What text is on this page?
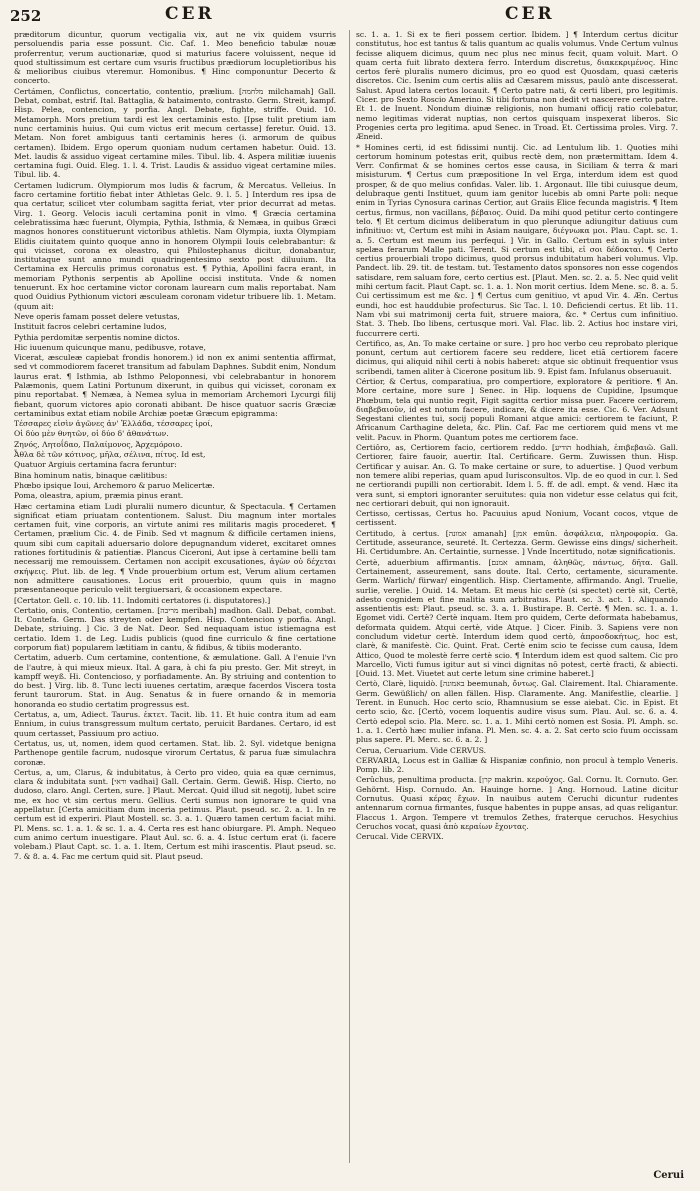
252	CER	CER

præditorum dicuntur, quorum vectigalia vix, aut ne vix quidem vsurris persoluendis paria esse possunt. Cic. Caf. 1. Meo beneficio tabulæ nouæ proferrentur, verum auctionariæ, quod si maturius facere voluissent, neque id quod stultissimum est certare cum vsuris fructibus prædiorum locupletioribus his & melioribus ciuibus vteremur. Homonibus. ¶ Hinc componuntur Decerto & concerto.

Certámen, Conflictus, concertatio, contentio, prælium. [מלחמה milchamah] Gall. Debat, combat, estrif. Ital. Battaglia, & bataimento, contrasto. Germ. Streit, kampf. Hisp. Pelea, contencion, y porfia. Angl. Debate, fighte, striffe. Ouid. 10. Metamorph. Mors pretium tardi est lex certaminis esto. [Ipse tulit pretium iam nunc certaminis huius. Qui cum victus erit mecum certasse] feretur. Ouid. 13. Metam. Non foret ambiguus tanti certaminis heres (i. armorum de quibus certamen). Ibidem. Ergo operum quoniam nudum certamen habetur. Ouid. 13. Met. laudis & assiduo vigeat certamine miles. Tibul. lib. 4. Aspera militiæ iuuenis certamina fugi. Ouid. Eleg. 1. l. 4. Trist. Laudis & assiduo vigeat certamine miles. Tibul. lib. 4.

Certamen ludicrum. Olympiorum mos ludis & facrum, & Mercatus. Velleius. In facro certamine fortitio fiebat inter Athletas Gelc. 9. l. 5. ] Interdum res ipsa de qua certatur, scilicet vter columbam sagitta feriat, vter prior decurrat ad metas. Virg. 1. Georg. Velocis iaculi certamina ponit in vlmo. ¶ Græcia certamina celebratissima hæc fuerunt, Olympia, Pythia, Isthmia, & Nemæa, in quibus Græci magnos honores constituerunt victoribus athletis. Nam Olympia, iuxta Olympiam Elidis ciuitatem quinto quoque anno in honorem Olympii Iouis celebrabantur: & qui vicisset, corona ex oleastro, qui Philostephanus dicitur, donabantur, institutaque sunt anno mundi quadringentesimo sexto post diluuium. Ita Certamina ex Herculis primus coronatus est. ¶ Pythia, Apollini facra erant, in memoriam Pythonis serpentis ab Apolline occisi instituta. Vnde & nomen tenuerunt. Ex hoc certamine victor coronam laurearn cum malis reportabat. Nam quod Ouidius Pythionum victori æsculeam coronam videtur tribuere lib. 1. Metam. (quum ait:

Neve operis famam posset delere vetustas,

Instituit facros celebri certamine ludos,

Pythia perdomitæ serpentis nomine dictos.

Hic iuuenum quicunque manu, pedibusve, rotave,

Vicerat, æsculeæ capiebat frondis honorem.) id non ex animi sententia affirmat, sed vt commodiorem faceret transitum ad fabulam Daphnes. Subdit enim, Nondum laurus erat. ¶ Isthmia, ab Isthmo Peloponnesi, vbi celebrabantur in honorem Palæmonis, quem Latini Portunum dixerunt, in quibus qui vicisset, coronam ex pinu reportabat. ¶ Nemæa, à Nemea sylua in memoriam Archemori Lycurgi filij fiebant, quorum victores apio coronati abibant. De hisce quatuor sacris Græciæ certaminibus extat etiam nobile Archiæ poetæ Græcum epigramma:

Τέσσαρες εἰσὶν ἀγῶνες ἀν' Ἑλλάδα, τέσσαρες ἱροί,

Οἱ δύο μὲν θνητῶν, οἱ δύο δ' ἀθανάτων.

Ζηνός, Λητοΐδαο, Παλαίμονος, Ἀρχεμόροιο.

Ἆθλα δὲ τῶν κότινος, μῆλα, σέλινα, πίτυς. Id est,

Quatuor Argiuis certamina facra feruntur:

Bina hominum natis, binaque cælitibus:

Phœbo ipsique Ioui, Archemoro & paruo Melicertæ.

Poma, oleastra, apium, præmia pinus erant.

Hæc certamina etiam Ludi pluralii numero dicuntur, & Spectacula. ¶ Certamen significat etiam priuatam contentionem. Salust. Diu magnum inter mortales certamen fuit, vine corporis, an virtute animi res militaris magis procederet. ¶ Certamen, prælium Cic. 4. de Finib. Sed vt magnum & difficile certamen iniens, quum sibi cum capitali aduersario dolore depugnandum videret, excitaret omnes rationes fortitudinis & patientiæ. Plancus Ciceroni, Aut ipse à certamine belli tam necessarij me remouissem. Certamen non accipit excusationes, ἀγὼν οὐ δέχεται σκήψεις. Plut. lib. de leg. ¶ Vnde prouerbium ortum est, Verum alium certamen non admittere causationes. Locus erit prouerbio, quum quis in magno præsentaneoque periculo velit tergiuersari, & occasionem expectare.

[Certator. Gell. c. 10. lib. 11. Indomiti certatores (i. disputatores).]

Certatio, onis, Contentio, certamen. [מריבה meribah] madhon. Gall. Debat, combat. It. Contefa. Germ. Das streyten oder kempfen. Hisp. Contencion y porfia. Angl. Debate, striuing. ] Cic. 3 de Nat. Deor. Sed nequaquam istuc istiemagna est certatio. Idem 1. de Leg. Ludis publicis (quod fine curriculo & fine certatione corporum fiat) popularem lætitiam in cantu, & fidibus, & tibiis moderanto.

Certatim, aduerb. Cum certamine, contentione, & æmulatione. Gall. A l'enuie l'vn de l'autre, à qui mieux mieux. Ital. A gara, à chi fa piu presto. Ger. Mit streyt, in kampff weyß. Hi. Contencioso, y porfiadamente. An. By striuing and contention to do best. ] Virg. lib. 8. Tunc lecti iuuenes certatim, aræque facerdos Viscera tosta ferunt taurorum. Stat. in Aug. Senatus & in fuere ornando & in memoria honoranda eo studio certatim progressus est.

Certatus, a, um, Adiect. Taurus. ἐκτετ. Tacit. lib. 11. Et huic contra itum ad eam Ennium, in cuius transgressum multum certato, peruicit Bardanes. Certaro, id est quum certasset, Passiuum pro actiuo.

Certatus, us, ut, nomen, idem quod certamen. Stat. lib. 2. Syl. videtque benigna Parthenope gentile facrum, nudosque virorum Certatus, & parua fuæ simulachra coronæ.

Certus, a, um, Clarus, & indubitatus, à Certo pro video, quia ea quæ cernimus, clara & indubitata sunt. [ודאי vadhai] Gall. Certain. Germ. Gewiß. Hisp. Cierto, no dudoso, claro. Angl. Certen, sure. ] Plaut. Mercat. Quid illud sit negotij, lubet scire me, ex hoc vt sim certus meru. Gellius. Certi sumus non ignorare te quid vna appellatur. [Certa amicitiam dum inceria petimus. Plaut. pseud. sc. 2. a. 1. In re certum est id experiri. Plaut Mostell. sc. 3. a. 1. Quæro tamen certum faciat mihi. Pl. Mens. sc. 1. a. 1. & sc. 1. a. 4. Certa res est hanc obiurgare. Pl. Amph. Nequeo cum animo certum inuestigare. Plaut Aul. sc. 6. a. 4. Istuc certum erat (i. facere volebam.) Plaut Capt. sc. 1. a. 1. Item, Certum est mihi irascentis. Plaut pseud. sc. 7. & 8. a. 4. Fac me certum quid sit. Plaut pseud.

sc. 1. a. 1. Si ex te fieri possem certior. Ibidem. ] ¶ Interdum certus dicitur constitutus, hoc est tantus & talis quantum ac qualis volumus. Vnde Certum vulnus fecisse aliquem dicimus, quum nec plus nec minus fecit, quam voluit. Mart. O quam certa fuit librato dextera ferro. Interdum discretus, διακεκριμένος. Hinc certos ferè pluralis numero dicimus, pro eo quod est Quosdam, quasi cæteris discretos. Cic. Isenim cum certis aliis ad Cæsarem missus, paulò ante discesserat. Salust. Apud latera certos locauit. ¶ Certo patre nati, & certi liberi, pro legitimis. Cicer. pro Sexto Roscio Amerino. Si tibi fortuna non dedit vt nascerere certo patre. Et 1. de Inuent. Nondum diuinæ religionis, non humani officij ratio colebatur, nemo legitimas viderat nuptias, non certos quisquam inspexerat liberos. Sic Progenies certa pro legitima. apud Senec. in Troad. Et. Certissima proles. Virg. 7. Æneid.

* Homines certi, id est fidissimi nuntij. Cic. ad Lentulum lib. 1. Quoties mihi certorum hominum potestas erit, quibus rectè dem, non prætermittam. Idem 4. Verr. Confirmat & se homines certos esse causa, in Siciliam & terra & mari misisturum. ¶ Certus cum præpositione In vel Erga, interdum idem est quod prosper, & de quo melius confidas. Valer. lib. 1. Argonaut. Ille tibi cuiusque deum, delubraque genti Instituet, quum iam genitor lucebis ab omni Parte poli: neque enim in Tyrias Cynosura carinas Certior, aut Graiis Elice fecunda magistris. ¶ Item certus, firmus, non vacillans, βέβαιος. Ouid. Da mihi quod petitur certo contingere telo. ¶ Et certum dicimus deliberatum in quo plerunque adiungitur datiuus cum infinitiuo: vt, Certum est mihi in Asiam nauigare, διέγνωκα μοι. Plau. Capt. sc. 1. a. 5. Certum est meum ius perfequi. ] Vir. in Gallo. Certum est in syluis inter spelæa ferarum Malle pati. Terent. Si certum est tibi, εἰ σοι δέδοκται. ¶ Certo certius prouerbiali tropo dicimus, quod prorsus indubitatum haberi volumus. Vlp. Pandect. lib. 29. tit. de testam. tut. Testamento datos sponsores non esse cogendos satisdare, rem saluam fore, certo certius est. [Plaut. Men. sc. 2. a. 5. Nec quid velit mihi certum facit. Plaut Capt. sc. 1. a. 1. Non morit certius. Idem Mene. sc. 8. a. 5. Cui certissimum est me &c. ] ¶ Certus cum genitiuo, vt apud Vir. 4. Æn. Certus eundi, hoc est hauddubie profecturus. Sic Tac. l. 10. Deficiendi certus. Et lib. 11. Nam vbi sui matrimonij certa fuit, struere maiora, &c. * Certus cum infinitiuo. Stat. 3. Theb. Ibo libens, certusque mori. Val. Flac. lib. 2. Actius hoc instare viri, fuccurrere certi.

Certifico, as, An. To make certaine or sure. ] pro hoc verbo ceu reprobato plerique ponunt, certum aut certiorem facere seu reddere, licet etiā certiorem facere dicimus, qui aliquid nihil certi à nobis haberet: atque sic obtinuit frequentior vsus scribendi, tamen aliter à Cicerone positum lib. 9. Epist fam. Infulanus obseruauit.

Cértior, & Certus, comparatiua, pro compertiore, exploratore & peritiore. ¶ An. More certaine, more sure ] Senec. in Hip. loquens de Cupidine, Ipsumque Phœbum, tela qui nuntio regit, Figit sagitta certior missa puer. Facere certiorem, διαβεβαιοῦν, id est notum facere, indicare, & dicere ita esse. Cic. 6. Ver. Adsunt Segestani clientes tui, socij populi Romani atque amici: certiorem te faciunt, P. Africanum Carthagine deleta, &c. Plin. Caf. Fac me certiorem quid mens vt me velit. Pacuv. in Phorm. Quantum potes me certiorem face.

Certiôro, as, Certiorem facio, certiorem reddo. [הודיע hodhiah, ἐπιβεβαιῶ. Gall. Certiorer, faire fauoir, auertir. Ital. Certificare. Germ. Zuwissen thun. Hisp. Certificar y auisar. An. G. To make certaine or sure, to aduertise. ] Quod verbum non temere alibi reperias, quam apud Iurisconsultos. Vlp. de eo quod in cur. l. Sed ne certiorandi pupilli non certiorabit. Idem l. 5. ff. de adl. empt. & vend. Hæc ita vera sunt, si emptori ignoranter seruitutes: quia non videtur esse celatus qui fcit, nec certiorari debuit, qui non ignorauit.

Certisso, certissas, Certus ho. Pacuuius apud Nonium, Vocant cocos, vtque de certissent.

Certitudo, à certus. [אמונה amanah] [אמן emûn. ἀσφάλεια, πληροφορία. Ga. Certitude, asseurance, seureté. It. Certezza. Germ. Gewisse eins dings/ sicherheit. Hi. Certidumbre. An. Certaintie, surnesse. ] Vnde Incertitudo, notæ significationis.

Certè, aduerbium affirmantis. [אמנם amnam, ἀληθῶς, πάντως, δῆτα. Gall. Certainement, asseurement, sans doute. Ital. Certo, certamente, sicuramente. Germ. Warlich/ fürwar/ eingentlich. Hisp. Ciertamente, affirmando. Angl. Truelie, surlie, verelie. ] Ouid. 14. Metam. Et meus hic certè (si spectet) certè sit, Certè, adesto cognidem et fine malitia sum arbitratus. Plaut. sc. 3. act. 1. Aliquando assentientis est: Plaut. pseud. sc. 3. a. 1. Bustirape. B. Certè. ¶ Men. sc. 1. a. 1. Egomet vidi. Certè? Certè inquam. Item pro quidem, Certe deformata habebamus, deformata quidem. Atqui certè, vide Atque. ] Cicer. Finib. 3. Sapiens vere non concludum videtur certè. Interdum idem quod certò, ἀπροσδοκήτως, hoc est, clarè, & manifestè. Cic. Quint. Frat. Certè enim scio te fecisse cum causa, Idem Attico, Quod te molestè ferre certè scio. ¶ Interdum idem est quod saltem. Cic pro Marcello, Victi fumus igitur aut si vinci dignitas nō potest, certè fracti, & abiecti. [Ouid. 13. Met. Viuetet aut certe letum sine crimine haberet.]

Certò, Clarè, liquidò. [באמונה beemunah, ὄντως. Gal. Clairement. Ital. Chiaramente. Germ. Gewüßlich/ on allen fällen. Hisp. Claramente. Ang. Manifestlie, clearlie. ] Terent. in Eunuch. Hoc certo scio, Rhamnusium se esse aiebat. Cic. in Epist. Et certo scio, &c. [Certò, vocem loquentis audire visus sum. Plau. Aul. sc. 6. a. 4. Certò edepol scio. Pla. Merc. sc. 1. a. 1. Mihi certò nomen est Sosia. Pl. Amph. sc. 1. a. 1. Certò hæc mulier infana. Pl. Men. sc. 4. a. 2. Sat certo scio fuum occissam plus sapere. Pl. Merc. sc. 6. a. 2. ]

Cerua, Ceruarium. Vide CERVUS.

CERVARIA, Locus est in Galliæ & Hispaniæ confinio, non procul à templo Veneris. Pomp. lib. 2.

Cerûchus, penultima producta. [קרן makrin. κερούχος. Gal. Cornu. It. Cornuto. Ger. Gehörnt. Hisp. Cornudo. An. Hauinge horne. ] Ang. Hornoud. Latine dicitur Cornutus. Quasi κέρας ἔχων. In nauibus autem Ceruchi dicuntur rudentes antennarum cornua firmantes, fusque habentes in puppe ansas, ad quas religantur. Flaccus 1. Argon. Tempere vt tremulos Zethes, fraterque ceruchos. Hesychius Ceruchos vocat, quasi ἀπὸ κεραίων ἔχοντας.

Cerucal. Vide CERVIX.

Cerui
